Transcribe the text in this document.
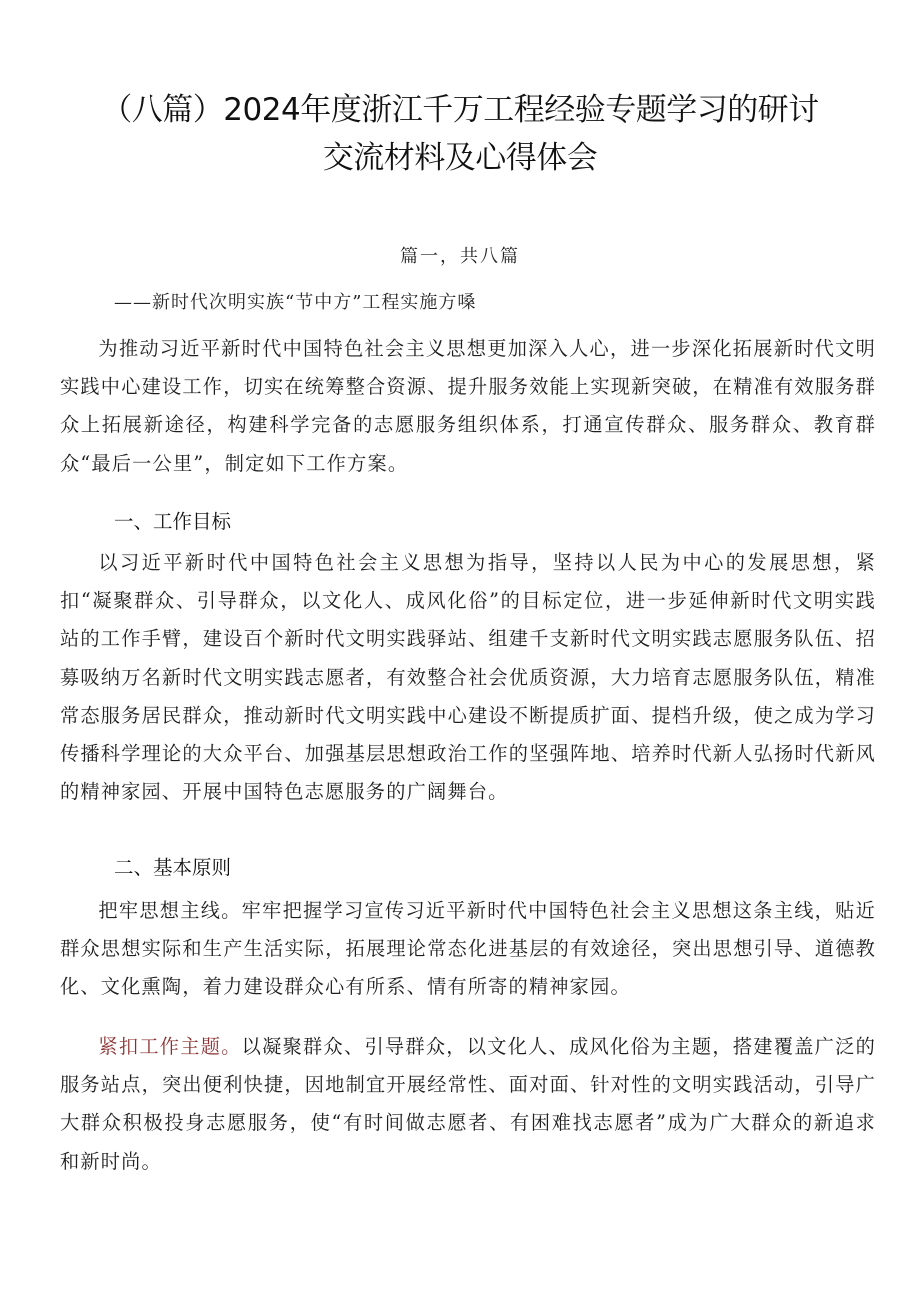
（八篇）2024年度浙江千万工程经验专题学习的研讨
交流材料及心得体会
篇一，共八篇
——新时代次明实族“节中方”工程实施方嗓
为推动习近平新时代中国特色社会主义思想更加深入人心，进一步深化拓展新时代文明实践中心建设工作，切实在统筹整合资源、提升服务效能上实现新突破，在精准有效服务群众上拓展新途径，构建科学完备的志愿服务组织体系，打通宣传群众、服务群众、教育群众“最后一公里”，制定如下工作方案。
一、工作目标
以习近平新时代中国特色社会主义思想为指导，坚持以人民为中心的发展思想，紧扣“凝聚群众、引导群众，以文化人、成风化俗”的目标定位，进一步延伸新时代文明实践站的工作手臂，建设百个新时代文明实践驿站、组建千支新时代文明实践志愿服务队伍、招募吸纳万名新时代文明实践志愿者，有效整合社会优质资源，大力培育志愿服务队伍，精准常态服务居民群众，推动新时代文明实践中心建设不断提质扩面、提档升级，使之成为学习传播科学理论的大众平台、加强基层思想政治工作的坚强阵地、培养时代新人弘扬时代新风的精神家园、开展中国特色志愿服务的广阔舞台。
二、基本原则
把牢思想主线。牢牢把握学习宣传习近平新时代中国特色社会主义思想这条主线，贴近群众思想实际和生产生活实际，拓展理论常态化进基层的有效途径，突出思想引导、道德教化、文化熏陶，着力建设群众心有所系、情有所寄的精神家园。
紧扣工作主题。以凝聚群众、引导群众，以文化人、成风化俗为主题，搭建覆盖广泛的服务站点，突出便利快捷，因地制宜开展经常性、面对面、针对性的文明实践活动，引导广大群众积极投身志愿服务，使“有时间做志愿者、有困难找志愿者”成为广大群众的新追求和新时尚。
